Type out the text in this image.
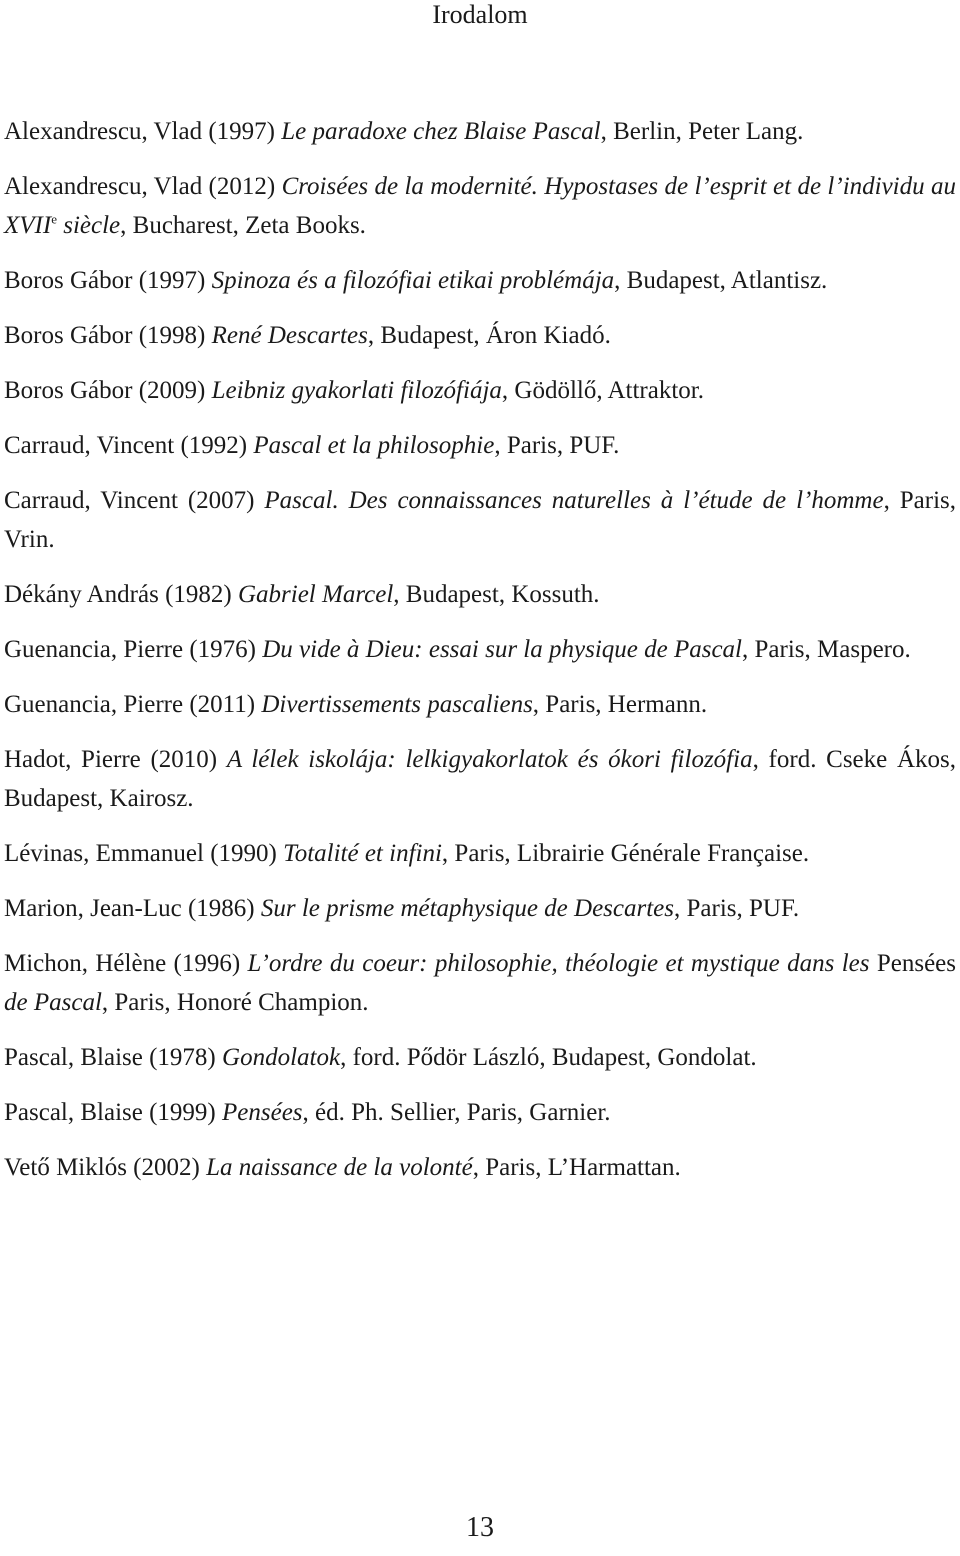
Irodalom
Alexandrescu, Vlad (1997) Le paradoxe chez Blaise Pascal, Berlin, Peter Lang.
Alexandrescu, Vlad (2012) Croisées de la modernité. Hypostases de l’esprit et de l’individu au XVIIe siècle, Bucharest, Zeta Books.
Boros Gábor (1997) Spinoza és a filozófiai etikai problémája, Budapest, Atlantisz.
Boros Gábor (1998) René Descartes, Budapest, Áron Kiadó.
Boros Gábor (2009) Leibniz gyakorlati filozófiája, Gödöllő, Attraktor.
Carraud, Vincent (1992) Pascal et la philosophie, Paris, PUF.
Carraud, Vincent (2007) Pascal. Des connaissances naturelles à l’étude de l’homme, Paris, Vrin.
Dékány András (1982) Gabriel Marcel, Budapest, Kossuth.
Guenancia, Pierre (1976) Du vide à Dieu: essai sur la physique de Pascal, Paris, Maspero.
Guenancia, Pierre (2011) Divertissements pascaliens, Paris, Hermann.
Hadot, Pierre (2010) A lélek iskolája: lelkigyakorlatok és ókori filozófia, ford. Cseke Ákos, Budapest, Kairosz.
Lévinas, Emmanuel (1990) Totalité et infini, Paris, Librairie Générale Française.
Marion, Jean-Luc (1986) Sur le prisme métaphysique de Descartes, Paris, PUF.
Michon, Hélène (1996) L’ordre du coeur: philosophie, théologie et mystique dans les Pensées de Pascal, Paris, Honoré Champion.
Pascal, Blaise (1978) Gondolatok, ford. Pődör László, Budapest, Gondolat.
Pascal, Blaise (1999) Pensées, éd. Ph. Sellier, Paris, Garnier.
Vető Miklós (2002) La naissance de la volonté, Paris, L’Harmattan.
13
